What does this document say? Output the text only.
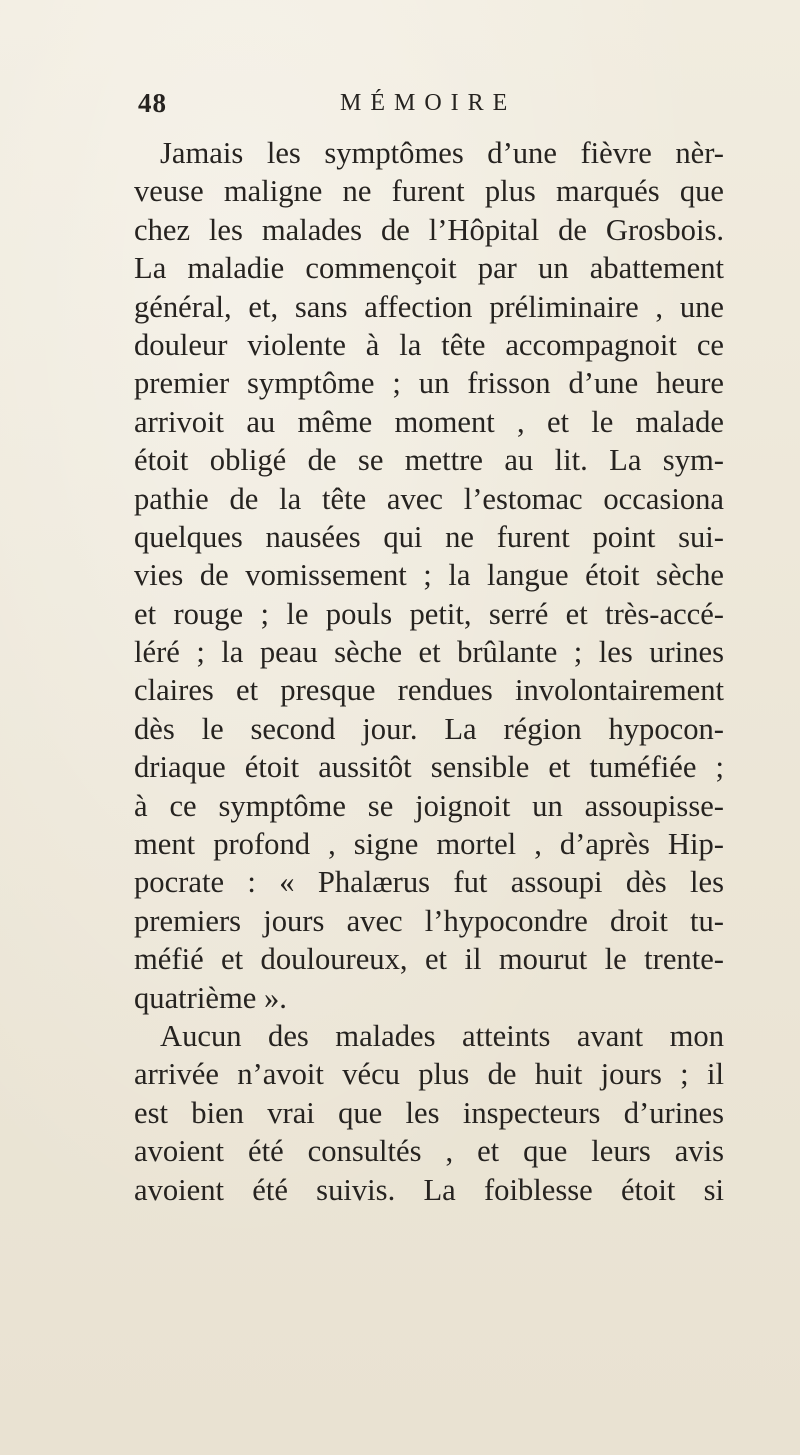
48	MÉMOIRE
Jamais les symptômes d’une fièvre nèr-
veuse maligne ne furent plus marqués que
chez les malades de l’Hôpital de Grosbois.
La maladie commençoit par un abattement
général, et, sans affection préliminaire , une
douleur violente à la tête accompagnoit ce
premier symptôme ; un frisson d’une heure
arrivoit au même moment , et le malade
étoit obligé de se mettre au lit. La sym-
pathie de la tête avec l’estomac occasiona
quelques nausées qui ne furent point sui-
vies de vomissement ; la langue étoit sèche
et rouge ; le pouls petit, serré et très-accé-
léré ; la peau sèche et brûlante ; les urines
claires et presque rendues involontairement
dès le second jour. La région hypocon-
driaque étoit aussitôt sensible et tuméfiée ;
à ce symptôme se joignoit un assoupisse-
ment profond , signe mortel , d’après Hip-
pocrate : « Phalærus fut assoupi dès les
premiers jours avec l’hypocondre droit tu-
méfié et douloureux, et il mourut le trente-
quatrième ».
Aucun des malades atteints avant mon
arrivée n’avoit vécu plus de huit jours ; il
est bien vrai que les inspecteurs d’urines
avoient été consultés , et que leurs avis
avoient été suivis. La foiblesse étoit si
